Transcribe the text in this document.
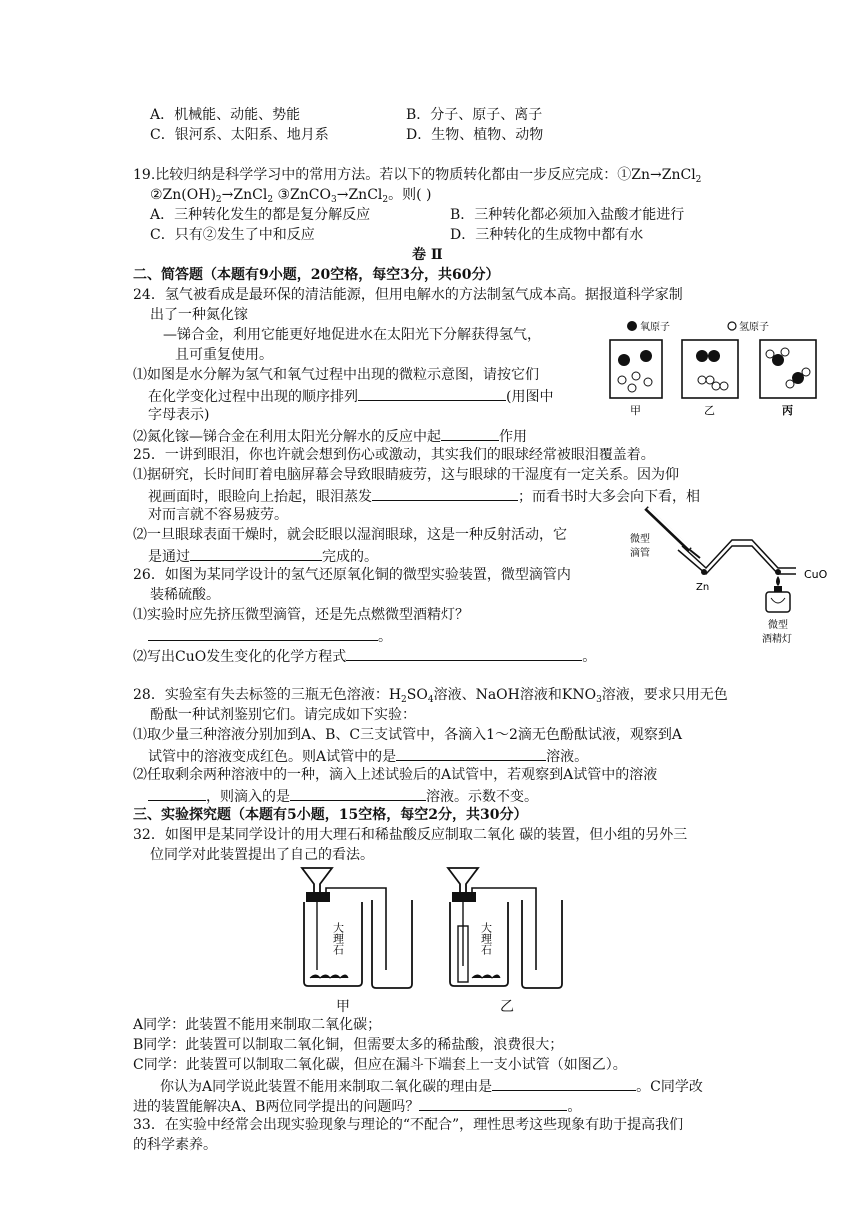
A．机械能、动能、势能	B．分子、原子、离子
C．银河系、太阳系、地月系	D．生物、植物、动物
19.比较归纳是科学学习中的常用方法。若以下的物质转化都由一步反应完成：①Zn→ZnCl$_2$
$②Zn(OH)_2\to ZnCl_2$ ③ZnCO$_3$→ZnCl$_2$。则( )
A．三种转化发生的都是复分解反应	B．三种转化都必须加入盐酸才能进行
C．只有②发生了中和反应	D．三种转化的生成物中都有水
卷 Ⅱ
二、简答题（本题有9小题，20空格，每空3分，共60分）
24．氢气被看成是最环保的清洁能源，但用电解水的方法制氢气成本高。据报道科学家制
出了一种氮化镓
—锑合金，利用它能更好地促进水在太阳光下分解获得氢气，
且可重复使用。
⑴如图是水分解为氢气和氧气过程中出现的微粒示意图，请按它们
在化学变化过程中出现的顺序排列	(用图中
字母表示)
⑵氮化镓—锑合金在利用太阳光分解水的反应中起	作用
氧原子	氢原子
甲	乙	丙
25．一讲到眼泪，你也许就会想到伤心或激动，其实我们的眼球经常被眼泪覆盖着。
⑴据研究，长时间盯着电脑屏幕会导致眼睛疲劳，这与眼球的干湿度有一定关系。因为仰
视画面时，眼睑向上抬起，眼泪蒸发	；而看书时大多会向下看，相
对而言就不容易疲劳。
⑵一旦眼球表面干燥时，就会眨眼以湿润眼球，这是一种反射活动，它
是通过	完成的。
26．如图为某同学设计的氢气还原氧化铜的微型实验装置，微型滴管内
装稀硫酸。
⑴实验时应先挤压微型滴管，还是先点燃微型酒精灯？
。
⑵写出CuO发生变化的化学方程式	。
微型
滴管
Zn
CuO
微型
酒精灯
28．实验室有失去标签的三瓶无色溶液：$H_2SO_4$溶液、NaOH溶液和$KNO_3$溶液，要求只用无色
酚酞一种试剂鉴别它们。请完成如下实验：
⑴取少量三种溶液分别加到A、B、C三支试管中，各滴入1～2滴无色酚酞试液，观察到A
试管中的溶液变成红色。则A试管中的是	溶液。
⑵任取剩余两种溶液中的一种，滴入上述试验后的A试管中，若观察到A试管中的溶液
，则滴入的是	溶液。示数不变。
三、实验探究题（本题有5小题，15空格，每空2分，共30分）
32．如图甲是某同学设计的用大理石和稀盐酸反应制取二氧化 碳的装置，但小组的另外三
位同学对此装置提出了自己的看法。
大理石	大理石
甲	乙
A同学：此装置不能用来制取二氧化碳；
B同学：此装置可以制取二氧化铜，但需要太多的稀盐酸，浪费很大；
C同学：此装置可以制取二氧化碳，但应在漏斗下端套上一支小试管（如图乙）。
你认为A同学说此装置不能用来制取二氧化碳的理由是	。C同学改
进的装置能解决A、B两位同学提出的问题吗？	。
33．在实验中经常会出现实验现象与理论的“不配合”，理性思考这些现象有助于提高我们
的科学素养。
